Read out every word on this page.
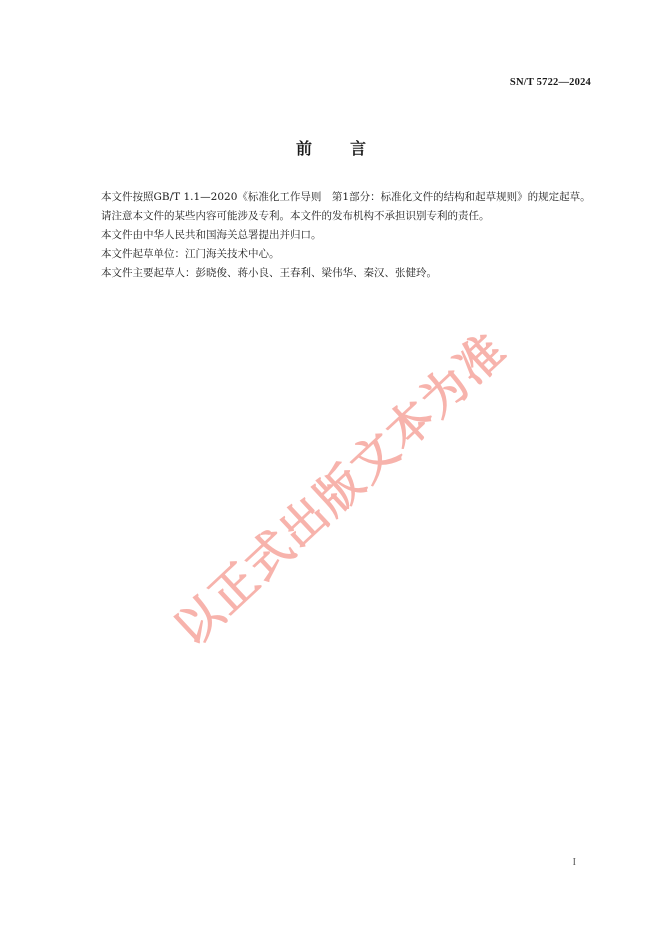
SN/T 5722—2024
前 言

本文件按照GB/T 1.1—2020《标准化工作导则　第1部分：标准化文件的结构和起草规则》的规定起草。

请注意本文件的某些内容可能涉及专利。本文件的发布机构不承担识别专利的责任。

本文件由中华人民共和国海关总署提出并归口。

本文件起草单位：江门海关技术中心。

本文件主要起草人：彭晓俊、蒋小良、王春利、梁伟华、秦汉、张健玲。

以正式出版文本为准
I
